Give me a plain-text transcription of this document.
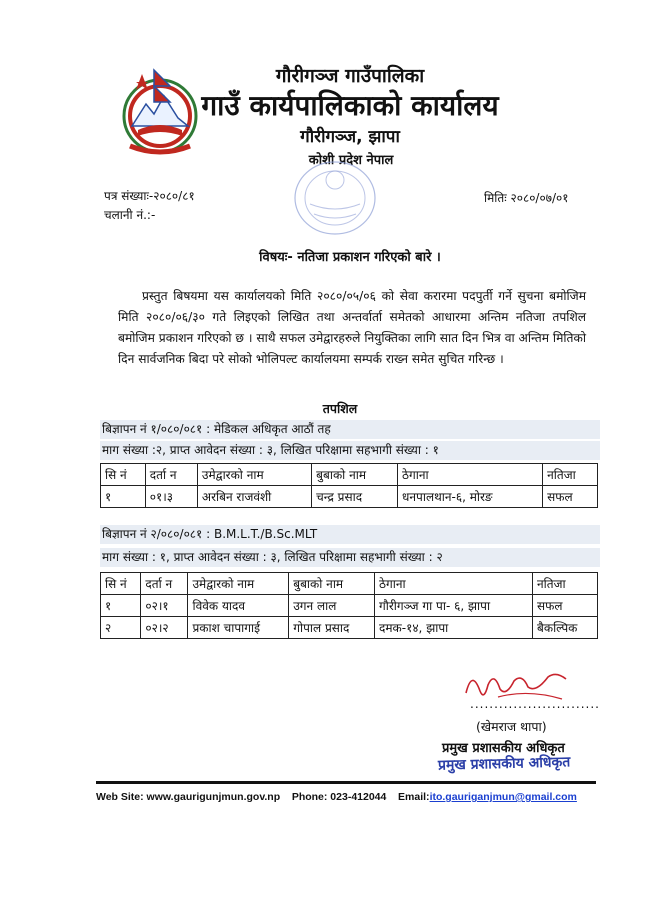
गौरीगञ्ज गाउँपालिका
गाउँ कार्यपालिकाको कार्यालय
गौरीगञ्ज, झापा
कोशी प्रदेश नेपाल
पत्र संख्याः-२०८०/८१
चलानी नं.:-
मितिः २०८०/०७/०१
विषयः- नतिजा प्रकाशन गरिएको बारे ।
प्रस्तुत बिषयमा यस कार्यालयको मिति २०८०/०५/०६ को सेवा करारमा पदपुर्ती गर्ने सुचना बमोजिम मिति २०८०/०६/३० गते लिइएको लिखित तथा अन्तर्वार्ता समेतको आधारमा अन्तिम नतिजा तपशिल बमोजिम प्रकाशन गरिएको छ । साथै सफल उमेद्वारहरुले नियुक्तिका लागि सात दिन भित्र वा अन्तिम मितिको दिन सार्वजनिक बिदा परे सोको भोलिपल्ट कार्यालयमा सम्पर्क राख्न समेत सुचित गरिन्छ ।
तपशिल
बिज्ञापन नं १/०८०/०८१ : मेडिकल अधिकृत आठौं तह
माग संख्या :२, प्राप्त आवेदन संख्या : ३, लिखित परिक्षामा सहभागी संख्या : १
सि नं	दर्ता न	उमेद्वारको नाम	बुबाको नाम	ठेगाना	नतिजा
१	०१।३	अरबिन राजवंशी	चन्द्र प्रसाद	धनपालथान-६, मोरङ	सफल
बिज्ञापन नं २/०८०/०८१ : B.M.L.T./B.Sc.MLT
माग संख्या : १, प्राप्त आवेदन संख्या : ३, लिखित परिक्षामा सहभागी संख्या : २
सि नं	दर्ता न	उमेद्वारको नाम	बुबाको नाम	ठेगाना	नतिजा
१	०२।१	विवेक यादव	उगन लाल	गौरीगञ्ज गा पा- ६, झापा	सफल
२	०२।२	प्रकाश चापागाई	गोपाल प्रसाद	दमक-१४, झापा	बैकल्पिक
...........................
(खेमराज थापा)
प्रमुख प्रशासकीय अधिकृत
प्रमुख प्रशासकीय अधिकृत
Web Site: www.gaurigunjmun.gov.np Phone: 023-412044 Email:ito.gauriganjmun@gmail.com
